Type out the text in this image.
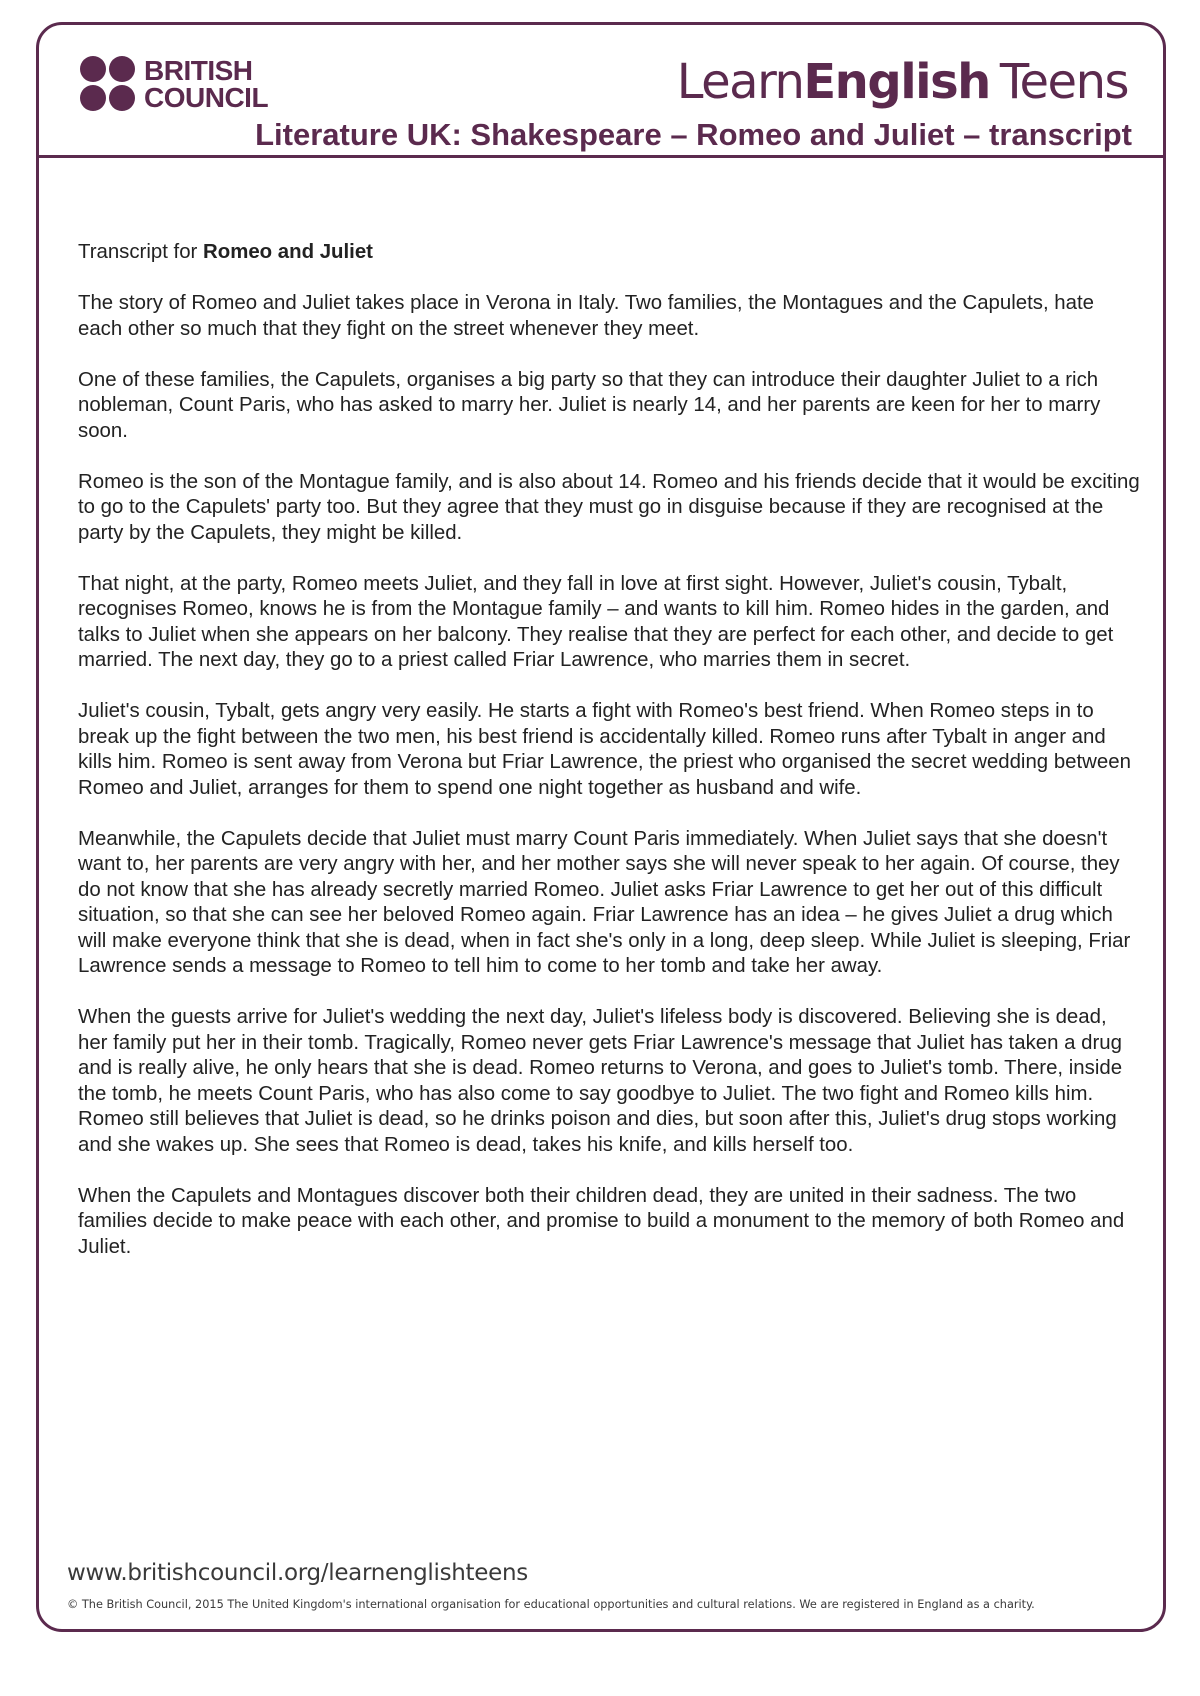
BRITISH
COUNCIL	LearnEnglish Teens
Literature UK: Shakespeare – Romeo and Juliet – transcript

Transcript for Romeo and Juliet

The story of Romeo and Juliet takes place in Verona in Italy. Two families, the Montagues and the Capulets, hate each other so much that they fight on the street whenever they meet.

One of these families, the Capulets, organises a big party so that they can introduce their daughter Juliet to a rich nobleman, Count Paris, who has asked to marry her. Juliet is nearly 14, and her parents are keen for her to marry soon.

Romeo is the son of the Montague family, and is also about 14. Romeo and his friends decide that it would be exciting to go to the Capulets' party too. But they agree that they must go in disguise because if they are recognised at the party by the Capulets, they might be killed.

That night, at the party, Romeo meets Juliet, and they fall in love at first sight. However, Juliet's cousin, Tybalt, recognises Romeo, knows he is from the Montague family – and wants to kill him. Romeo hides in the garden, and talks to Juliet when she appears on her balcony. They realise that they are perfect for each other, and decide to get married. The next day, they go to a priest called Friar Lawrence, who marries them in secret.

Juliet's cousin, Tybalt, gets angry very easily. He starts a fight with Romeo's best friend. When Romeo steps in to break up the fight between the two men, his best friend is accidentally killed. Romeo runs after Tybalt in anger and kills him. Romeo is sent away from Verona but Friar Lawrence, the priest who organised the secret wedding between Romeo and Juliet, arranges for them to spend one night together as husband and wife.

Meanwhile, the Capulets decide that Juliet must marry Count Paris immediately. When Juliet says that she doesn't want to, her parents are very angry with her, and her mother says she will never speak to her again. Of course, they do not know that she has already secretly married Romeo. Juliet asks Friar Lawrence to get her out of this difficult situation, so that she can see her beloved Romeo again. Friar Lawrence has an idea – he gives Juliet a drug which will make everyone think that she is dead, when in fact she's only in a long, deep sleep. While Juliet is sleeping, Friar Lawrence sends a message to Romeo to tell him to come to her tomb and take her away.

When the guests arrive for Juliet's wedding the next day, Juliet's lifeless body is discovered. Believing she is dead, her family put her in their tomb. Tragically, Romeo never gets Friar Lawrence's message that Juliet has taken a drug and is really alive, he only hears that she is dead. Romeo returns to Verona, and goes to Juliet's tomb. There, inside the tomb, he meets Count Paris, who has also come to say goodbye to Juliet. The two fight and Romeo kills him. Romeo still believes that Juliet is dead, so he drinks poison and dies, but soon after this, Juliet's drug stops working and she wakes up. She sees that Romeo is dead, takes his knife, and kills herself too.

When the Capulets and Montagues discover both their children dead, they are united in their sadness. The two families decide to make peace with each other, and promise to build a monument to the memory of both Romeo and Juliet.

www.britishcouncil.org/learnenglishteens
© The British Council, 2015 The United Kingdom's international organisation for educational opportunities and cultural relations. We are registered in England as a charity.
